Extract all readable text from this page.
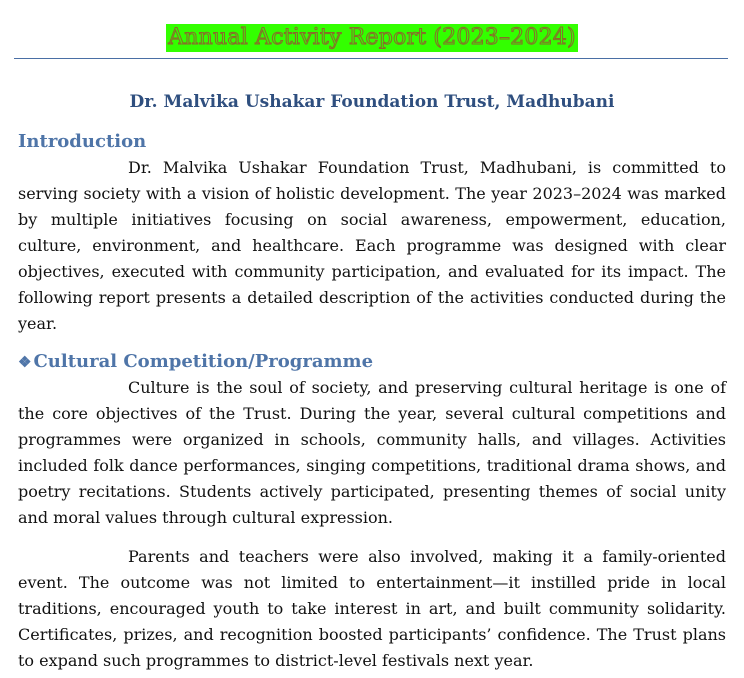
Annual Activity Report (2023–2024)
Dr. Malvika Ushakar Foundation Trust, Madhubani
Introduction

Dr. Malvika Ushakar Foundation Trust, Madhubani, is committed to serving society with a vision of holistic development. The year 2023–2024 was marked by multiple initiatives focusing on social awareness, empowerment, education, culture, environment, and healthcare. Each programme was designed with clear objectives, executed with community participation, and evaluated for its impact. The following report presents a detailed description of the activities conducted during the year.

❖ Cultural Competition/Programme

Culture is the soul of society, and preserving cultural heritage is one of the core objectives of the Trust. During the year, several cultural competitions and programmes were organized in schools, community halls, and villages. Activities included folk dance performances, singing competitions, traditional drama shows, and poetry recitations. Students actively participated, presenting themes of social unity and moral values through cultural expression.

Parents and teachers were also involved, making it a family-oriented event. The outcome was not limited to entertainment—it instilled pride in local traditions, encouraged youth to take interest in art, and built community solidarity. Certificates, prizes, and recognition boosted participants’ confidence. The Trust plans to expand such programmes to district-level festivals next year.
